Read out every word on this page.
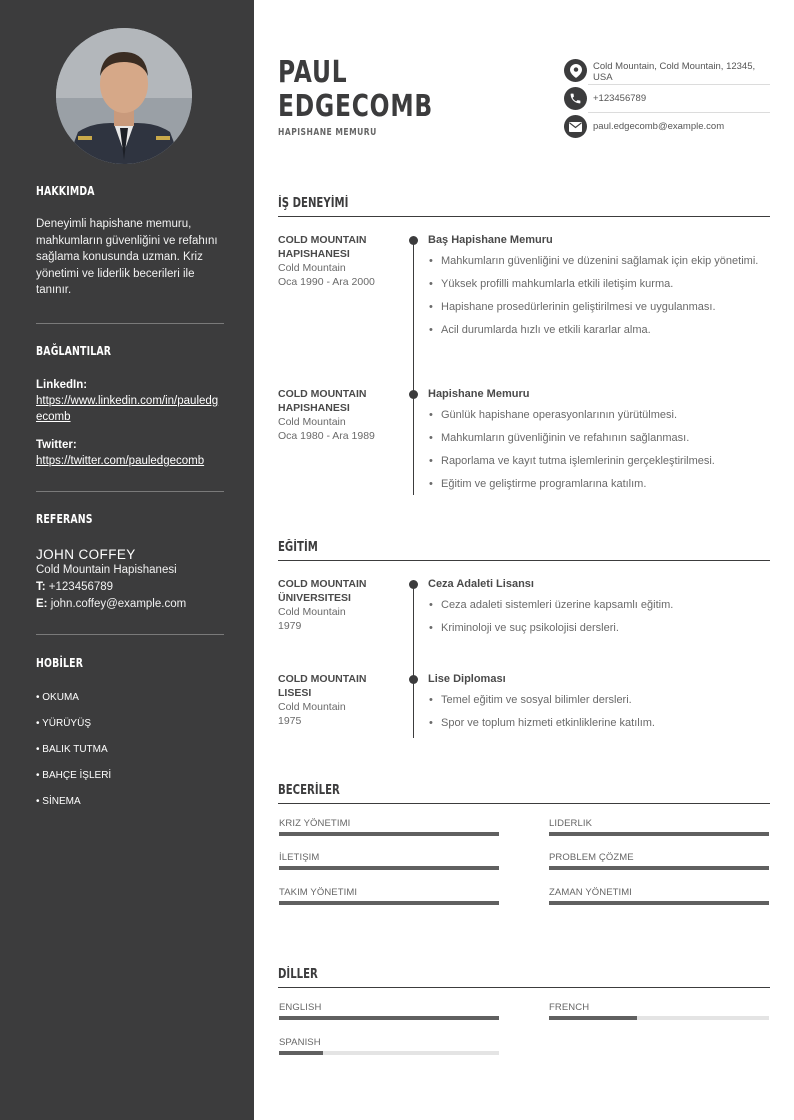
HAKKIMDA
Deneyimli hapishane memuru, mahkumların güvenliğini ve refahını sağlama konusunda uzman. Kriz yönetimi ve liderlik becerileri ile tanınır.
BAĞLANTILAR
LinkedIn:
https://www.linkedin.com/in/pauledgecomb
Twitter:
https://twitter.com/pauledgecomb
REFERANS
JOHN COFFEY
Cold Mountain Hapishanesi
T: +123456789
E: john.coffey@example.com
HOBİLER
• OKUMA
• YÜRÜYÜŞ
• BALIK TUTMA
• BAHÇE İŞLERİ
• SİNEMA
PAUL
EDGECOMB
HAPISHANE MEMURU
Cold Mountain, Cold Mountain, 12345, USA
+123456789
paul.edgecomb@example.com
İŞ DENEYİMİ
COLD MOUNTAIN HAPISHANESI
Cold Mountain
Oca 1990 - Ara 2000
Baş Hapishane Memuru
• Mahkumların güvenliğini ve düzenini sağlamak için ekip yönetimi.
• Yüksek profilli mahkumlarla etkili iletişim kurma.
• Hapishane prosedürlerinin geliştirilmesi ve uygulanması.
• Acil durumlarda hızlı ve etkili kararlar alma.
COLD MOUNTAIN HAPISHANESI
Cold Mountain
Oca 1980 - Ara 1989
Hapishane Memuru
• Günlük hapishane operasyonlarının yürütülmesi.
• Mahkumların güvenliğinin ve refahının sağlanması.
• Raporlama ve kayıt tutma işlemlerinin gerçekleştirilmesi.
• Eğitim ve geliştirme programlarına katılım.
EĞİTİM
COLD MOUNTAIN ÜNIVERSITESI
Cold Mountain
1979
Ceza Adaleti Lisansı
• Ceza adaleti sistemleri üzerine kapsamlı eğitim.
• Kriminoloji ve suç psikolojisi dersleri.
COLD MOUNTAIN LISESI
Cold Mountain
1975
Lise Diploması
• Temel eğitim ve sosyal bilimler dersleri.
• Spor ve toplum hizmeti etkinliklerine katılım.
BECERİLER
KRIZ YÖNETIMI	LIDERLIK
İLETIŞIM	PROBLEM ÇÖZME
TAKIM YÖNETIMI	ZAMAN YÖNETIMI
DİLLER
ENGLISH	FRENCH
SPANISH
